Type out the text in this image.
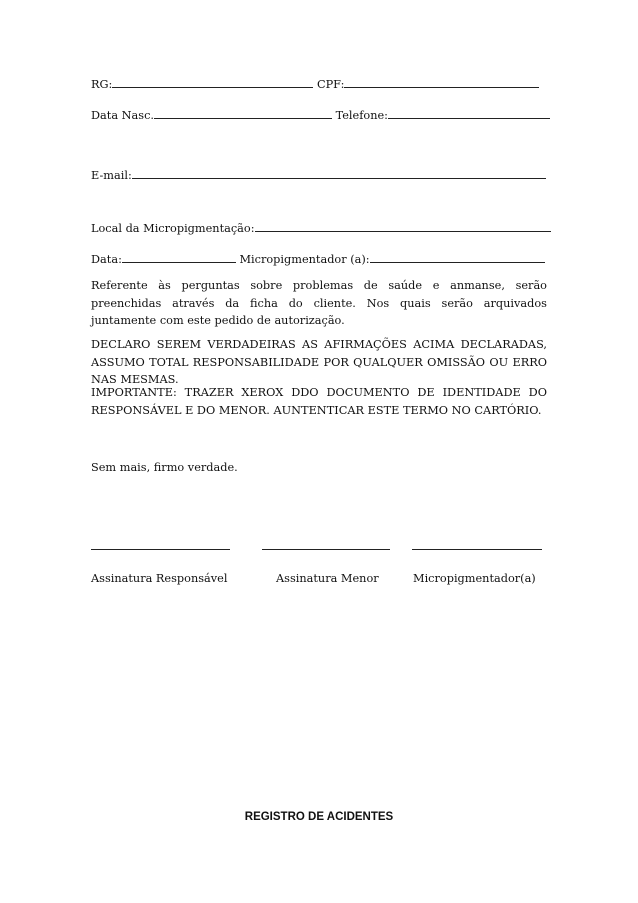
RG:	CPF:
Data Nasc.	Telefone:
E-mail:
Local da Micropigmentação:
Data:	Micropigmentador (a):
Referente às perguntas sobre problemas de saúde e anmanse, serão preenchidas através da ficha do cliente. Nos quais serão arquivados juntamente com este pedido de autorização.
DECLARO SEREM VERDADEIRAS AS AFIRMAÇÕES ACIMA DECLARADAS, ASSUMO TOTAL RESPONSABILIDADE POR QUALQUER OMISSÃO OU ERRO NAS MESMAS.
IMPORTANTE: TRAZER XEROX DDO DOCUMENTO DE IDENTIDADE DO RESPONSÁVEL E DO MENOR. AUNTENTICAR ESTE TERMO NO CARTÓRIO.
Sem mais, firmo verdade.
Assinatura Responsável	Assinatura Menor	Micropigmentador(a)
REGISTRO DE ACIDENTES
